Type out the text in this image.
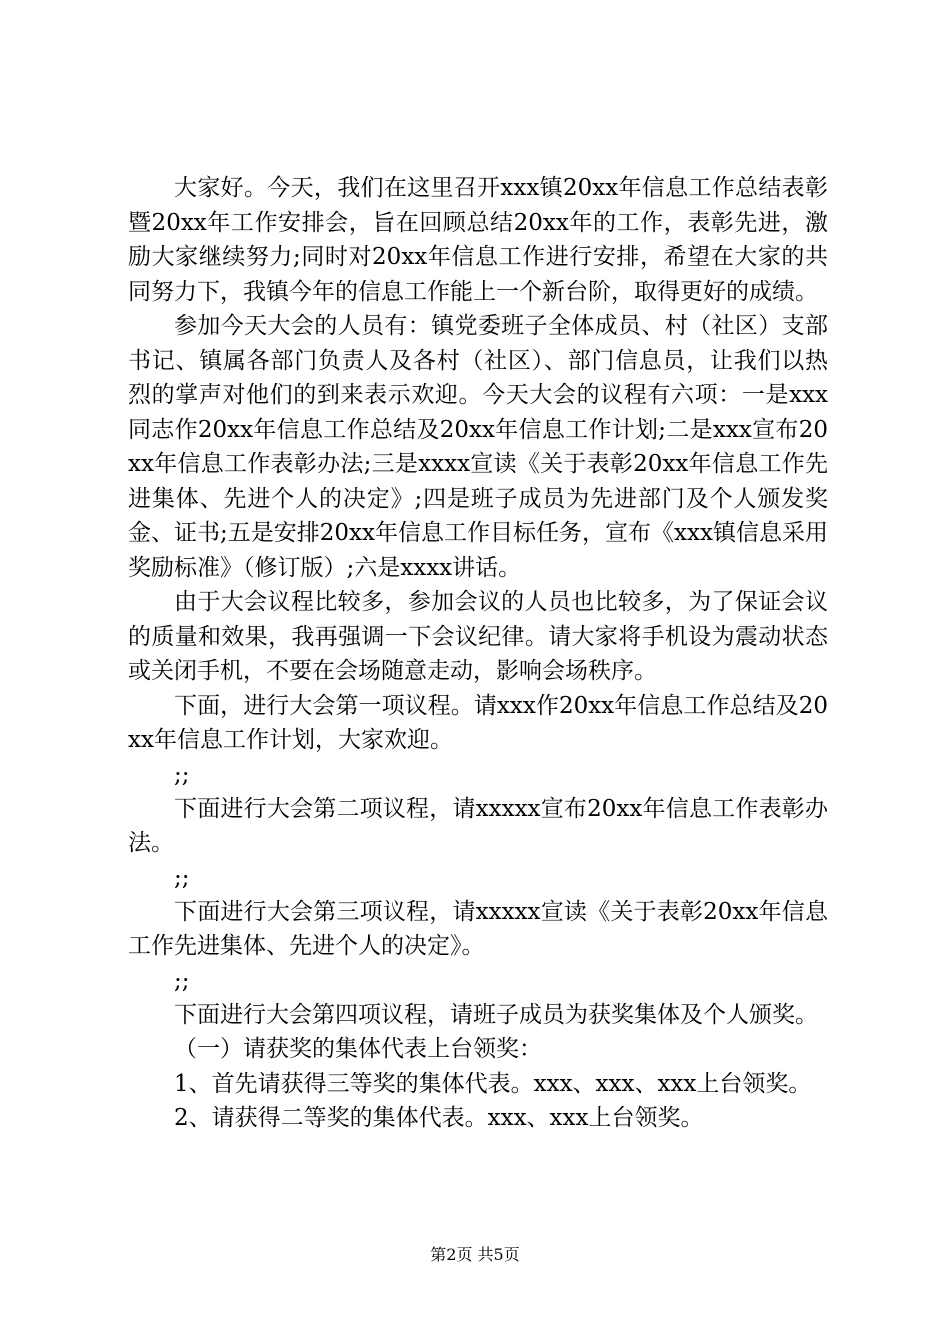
大家好。今天，我们在这里召开xxx镇20xx年信息工作总结表彰暨20xx年工作安排会，旨在回顾总结20xx年的工作，表彰先进，激励大家继续努力;同时对20xx年信息工作进行安排，希望在大家的共同努力下，我镇今年的信息工作能上一个新台阶，取得更好的成绩。

参加今天大会的人员有：镇党委班子全体成员、村（社区）支部书记、镇属各部门负责人及各村（社区）、部门信息员，让我们以热烈的掌声对他们的到来表示欢迎。今天大会的议程有六项：一是xxx同志作20xx年信息工作总结及20xx年信息工作计划;二是xxx宣布20xx年信息工作表彰办法;三是xxxx宣读《关于表彰20xx年信息工作先进集体、先进个人的决定》;四是班子成员为先进部门及个人颁发奖金、证书;五是安排20xx年信息工作目标任务，宣布《xxx镇信息采用奖励标准》（修订版）;六是xxxx讲话。

由于大会议程比较多，参加会议的人员也比较多，为了保证会议的质量和效果，我再强调一下会议纪律。请大家将手机设为震动状态或关闭手机，不要在会场随意走动，影响会场秩序。

下面，进行大会第一项议程。请xxx作20xx年信息工作总结及20xx年信息工作计划，大家欢迎。

;;

下面进行大会第二项议程，请xxxxx宣布20xx年信息工作表彰办法。

;;

下面进行大会第三项议程，请xxxxx宣读《关于表彰20xx年信息工作先进集体、先进个人的决定》。

;;

下面进行大会第四项议程，请班子成员为获奖集体及个人颁奖。

（一）请获奖的集体代表上台领奖：

1、首先请获得三等奖的集体代表。xxx、xxx、xxx上台领奖。

2、请获得二等奖的集体代表。xxx、xxx上台领奖。

第2页 共5页
